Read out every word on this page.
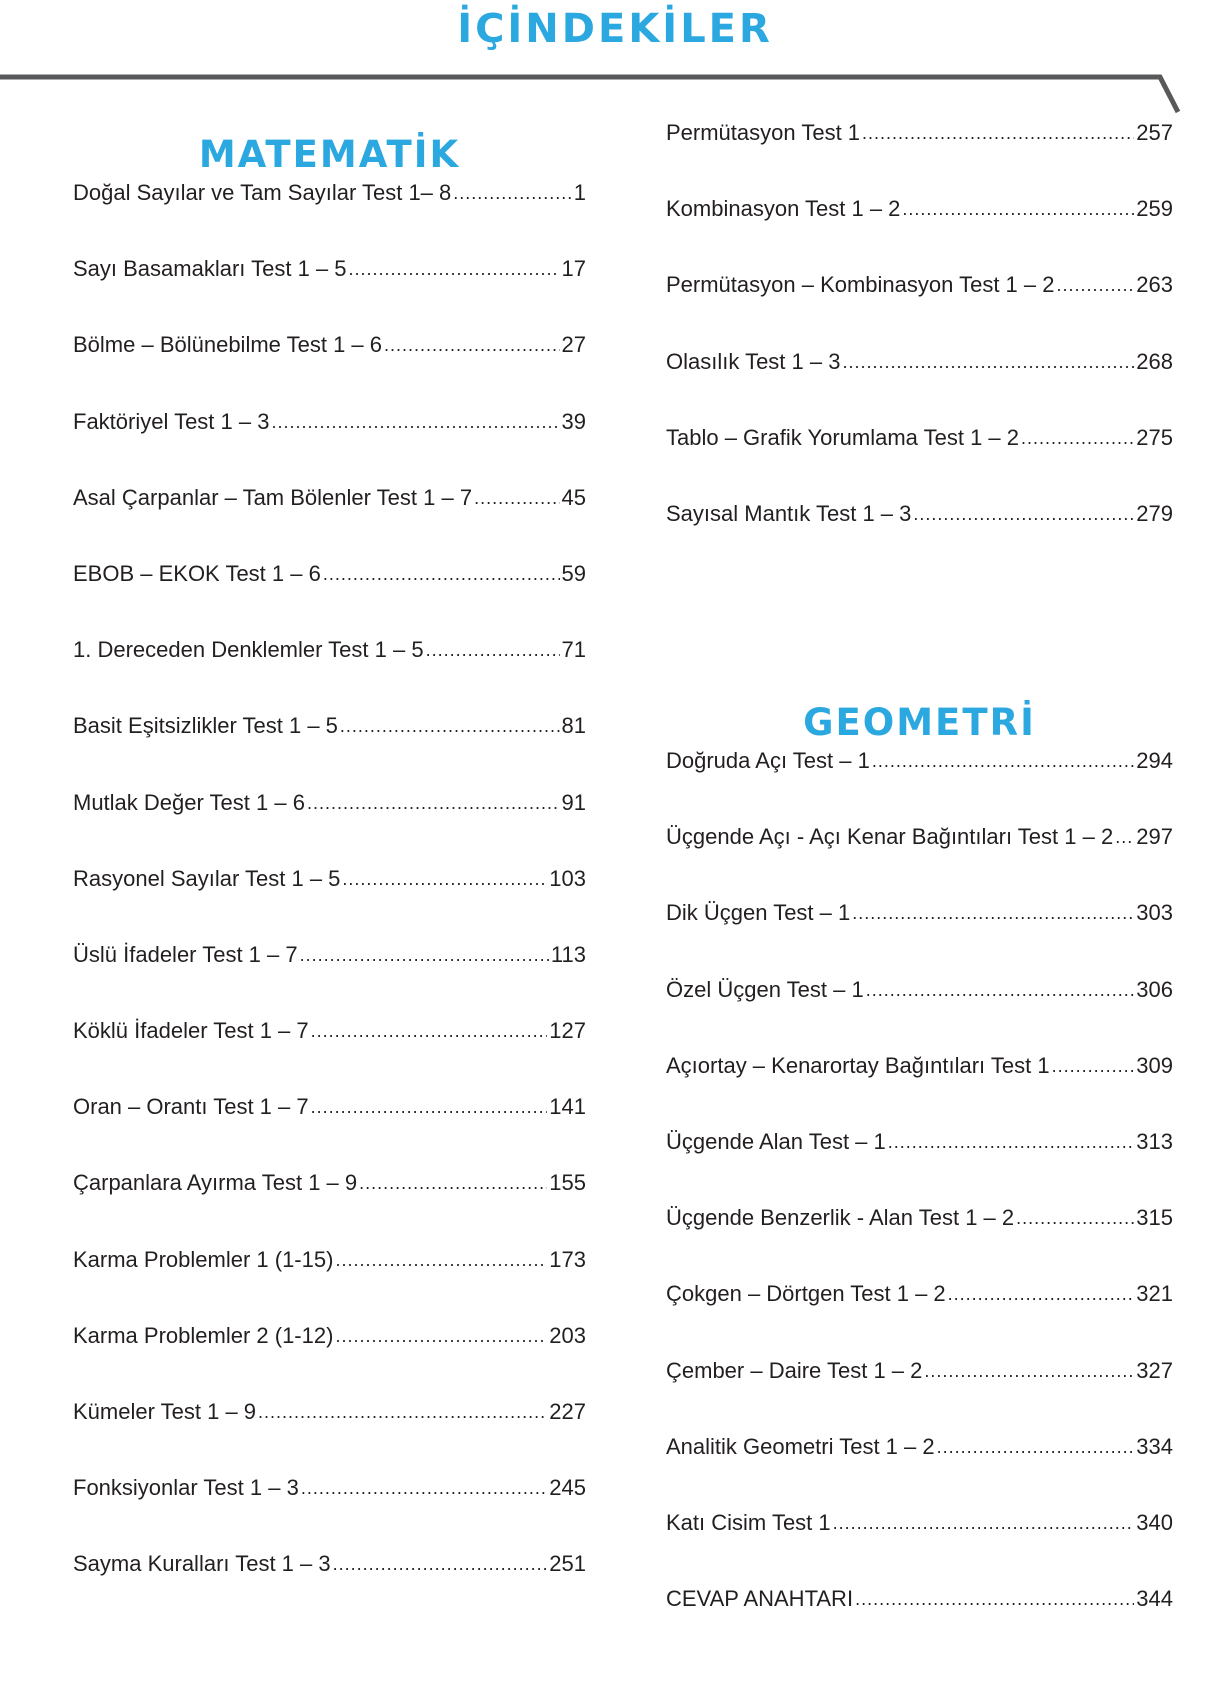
İÇİNDEKİLER
MATEMATİK
Doğal Sayılar ve Tam Sayılar Test 1– 8 .....	1
Sayı Basamakları Test 1 – 5 .....	17
Bölme – Bölünebilme Test 1 – 6 .....	27
Faktöriyel Test 1 – 3 .....	39
Asal Çarpanlar – Tam Bölenler Test 1 – 7 .....	45
EBOB – EKOK Test 1 – 6 .....	59
1. Dereceden Denklemler Test 1 – 5 .....	71
Basit Eşitsizlikler Test 1 – 5 .....	81
Mutlak Değer Test 1 – 6 .....	91
Rasyonel Sayılar Test 1 – 5 .....	103
Üslü İfadeler Test 1 – 7 .....	113
Köklü İfadeler Test 1 – 7 .....	127
Oran – Orantı Test 1 – 7 .....	141
Çarpanlara Ayırma Test 1 – 9 .....	155
Karma Problemler 1 (1-15) .....	173
Karma Problemler 2 (1-12) .....	203
Kümeler Test 1 – 9 .....	227
Fonksiyonlar Test 1 – 3 .....	245
Sayma Kuralları Test 1 – 3 .....	251
Permütasyon Test 1 .....	257
Kombinasyon Test 1 – 2 .....	259
Permütasyon – Kombinasyon Test 1 – 2 .....	263
Olasılık Test 1 – 3 .....	268
Tablo – Grafik Yorumlama Test 1 – 2 .....	275
Sayısal Mantık Test 1 – 3 .....	279
GEOMETRİ
Doğruda Açı Test – 1 .....	294
Üçgende Açı - Açı Kenar Bağıntıları Test 1 – 2 ..... 297
Dik Üçgen Test – 1 .....	303
Özel Üçgen Test – 1 .....	306
Açıortay – Kenarortay Bağıntıları Test 1 .....	309
Üçgende Alan Test – 1 .....	313
Üçgende Benzerlik - Alan Test 1 – 2 .....	315
Çokgen – Dörtgen Test 1 – 2 .....	321
Çember – Daire Test 1 – 2 .....	327
Analitik Geometri Test 1 – 2 .....	334
Katı Cisim Test 1 .....	340
CEVAP ANAHTARI .....	344
